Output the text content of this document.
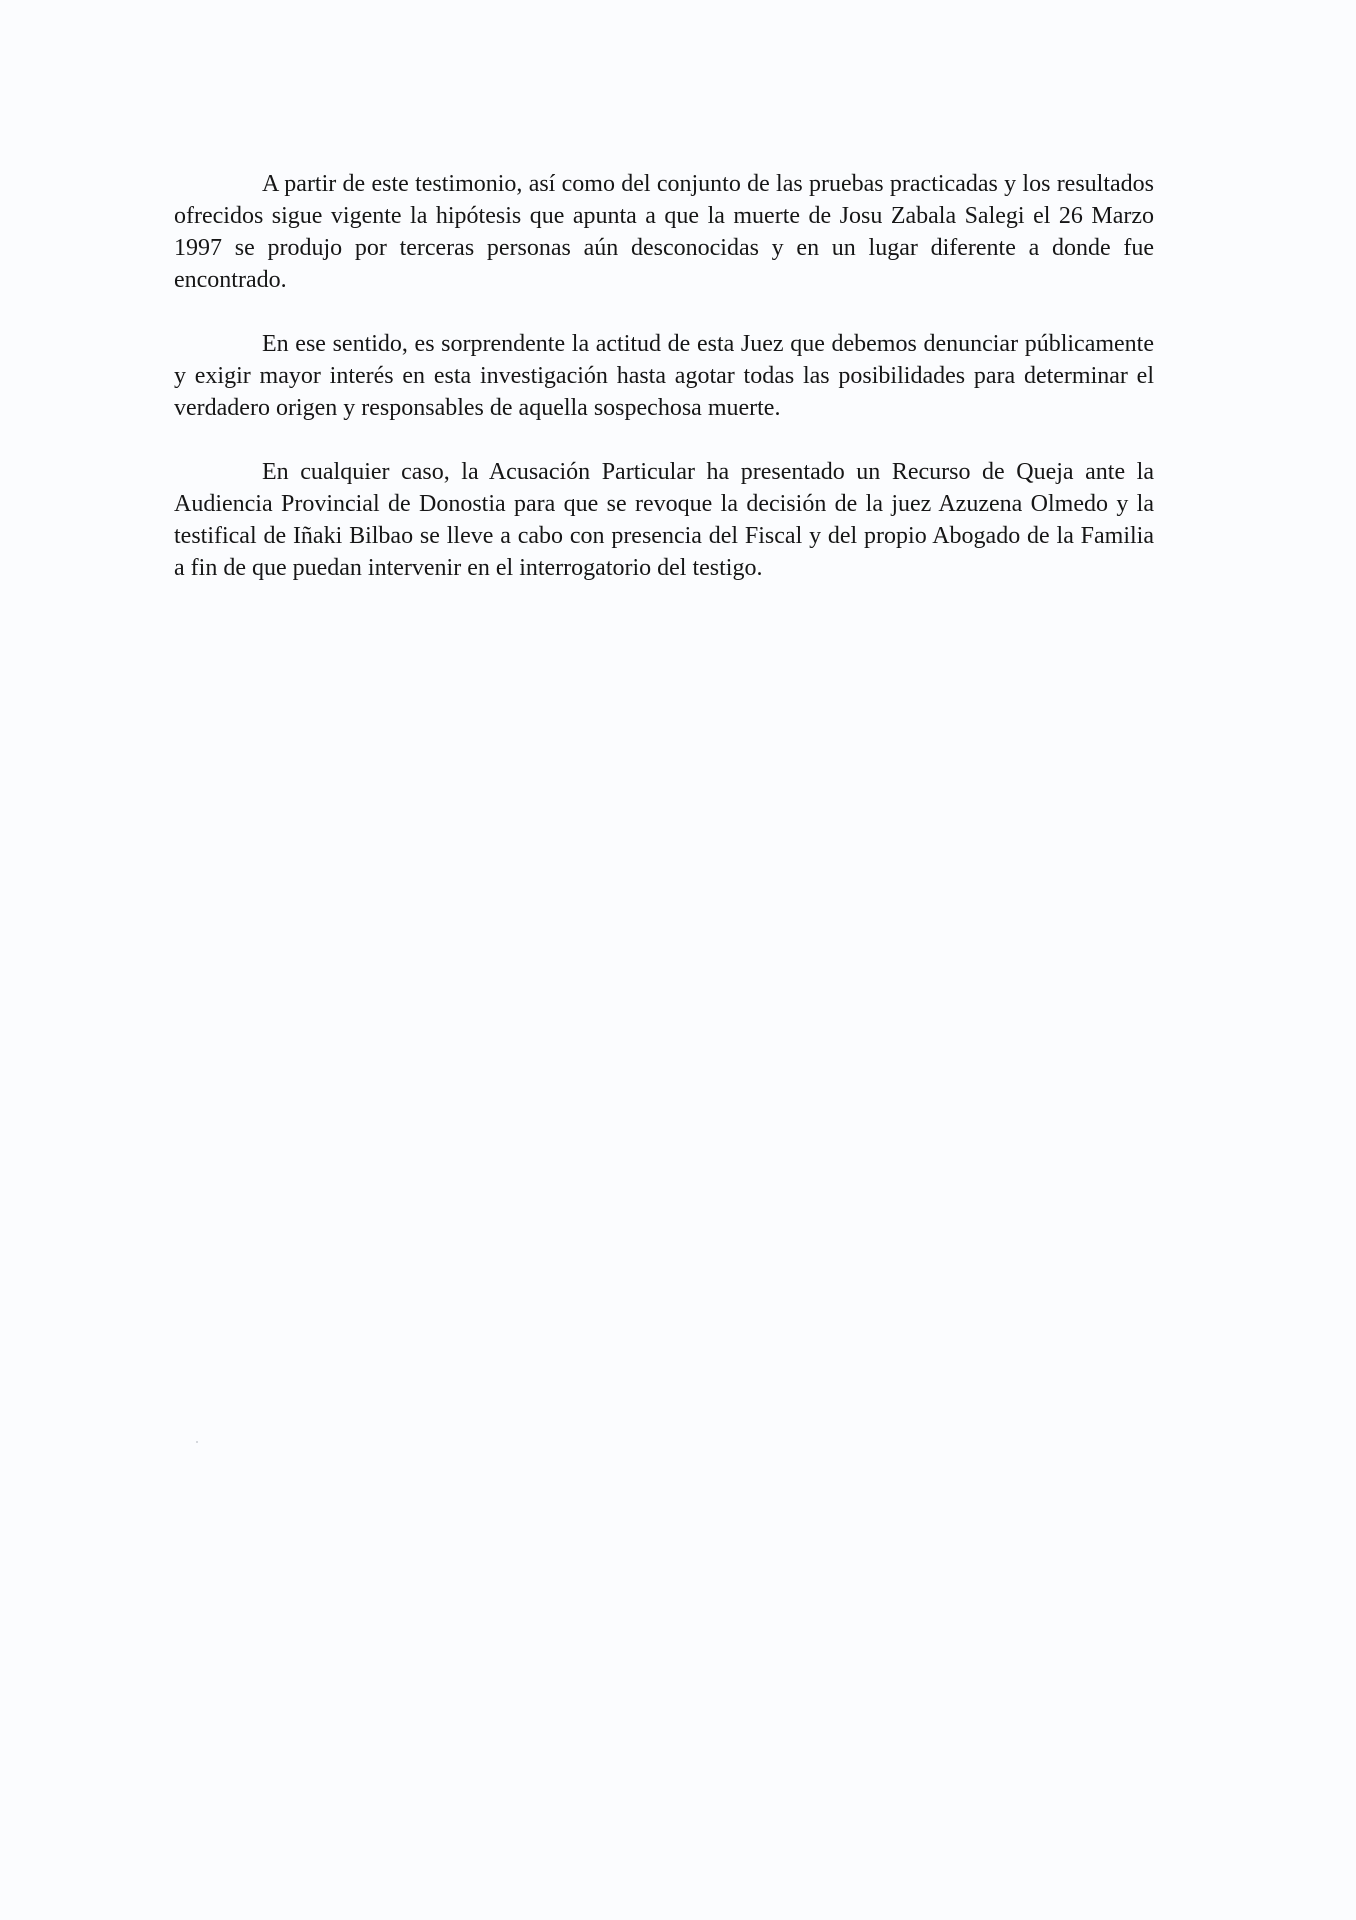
A partir de este testimonio, así como del conjunto de las pruebas practicadas y los resultados ofrecidos sigue vigente la hipótesis que apunta a que la muerte de Josu Zabala Salegi el 26 Marzo 1997 se produjo por terceras personas aún desconocidas y en un lugar diferente a donde fue encontrado.

En ese sentido, es sorprendente la actitud de esta Juez que debemos denunciar públicamente y exigir mayor interés en esta investigación hasta agotar todas las posibilidades para determinar el verdadero origen y responsables de aquella sospechosa muerte.

En cualquier caso, la Acusación Particular ha presentado un Recurso de Queja ante la Audiencia Provincial de Donostia para que se revoque la decisión de la juez Azuzena Olmedo y la testifical de Iñaki Bilbao se lleve a cabo con presencia del Fiscal y del propio Abogado de la Familia a fin de que puedan intervenir en el interrogatorio del testigo.
